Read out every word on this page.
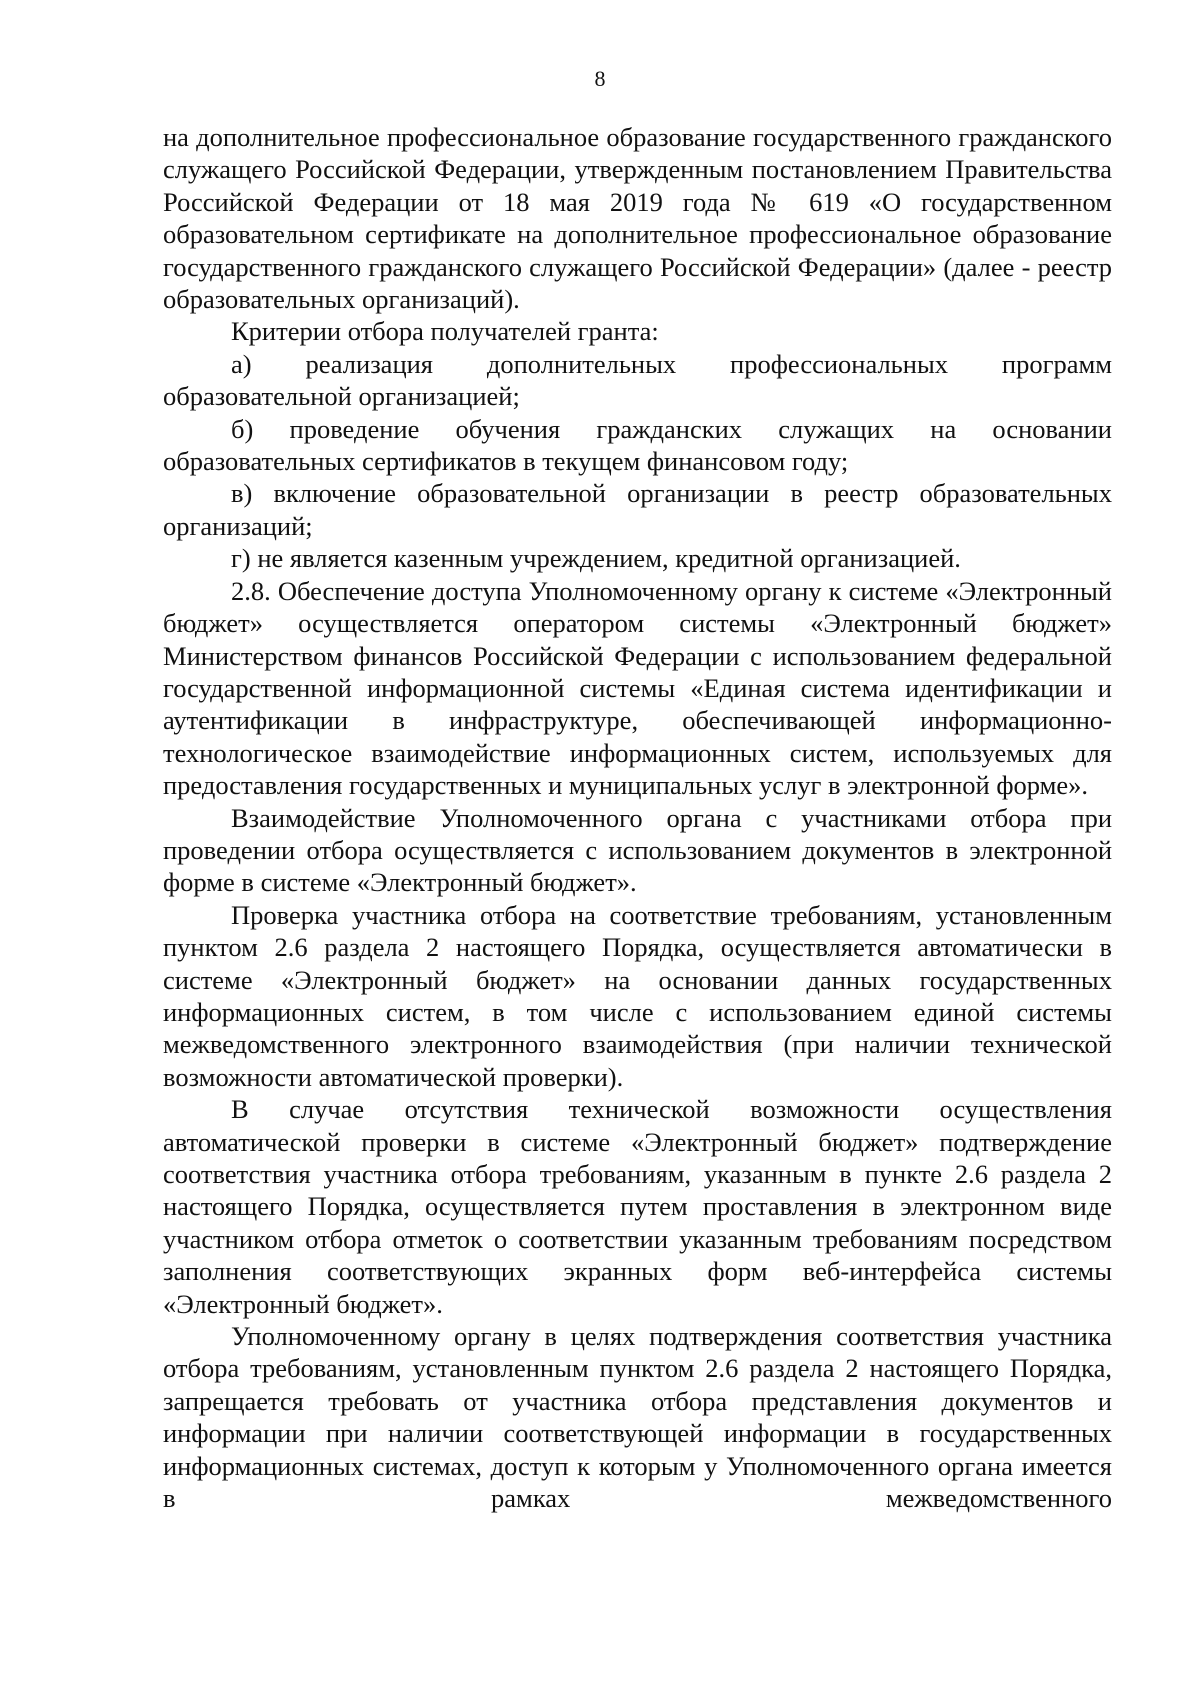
8

на дополнительное профессиональное образование государственного гражданского служащего Российской Федерации, утвержденным постановлением Правительства Российской Федерации от 18 мая 2019 года № 619 «О государственном образовательном сертификате на дополнительное профессиональное образование государственного гражданского служащего Российской Федерации» (далее - реестр образовательных организаций).

Критерии отбора получателей гранта:

а) реализация дополнительных профессиональных программ образовательной организацией;

б) проведение обучения гражданских служащих на основании образовательных сертификатов в текущем финансовом году;

в) включение образовательной организации в реестр образовательных организаций;

г) не является казенным учреждением, кредитной организацией.

2.8. Обеспечение доступа Уполномоченному органу к системе «Электронный бюджет» осуществляется оператором системы «Электронный бюджет» Министерством финансов Российской Федерации с использованием федеральной государственной информационной системы «Единая система идентификации и аутентификации в инфраструктуре, обеспечивающей информационно-технологическое взаимодействие информационных систем, используемых для предоставления государственных и муниципальных услуг в электронной форме».

Взаимодействие Уполномоченного органа с участниками отбора при проведении отбора осуществляется с использованием документов в электронной форме в системе «Электронный бюджет».

Проверка участника отбора на соответствие требованиям, установленным пунктом 2.6 раздела 2 настоящего Порядка, осуществляется автоматически в системе «Электронный бюджет» на основании данных государственных информационных систем, в том числе с использованием единой системы межведомственного электронного взаимодействия (при наличии технической возможности автоматической проверки).

В случае отсутствия технической возможности осуществления автоматической проверки в системе «Электронный бюджет» подтверждение соответствия участника отбора требованиям, указанным в пункте 2.6 раздела 2 настоящего Порядка, осуществляется путем проставления в электронном виде участником отбора отметок о соответствии указанным требованиям посредством заполнения соответствующих экранных форм веб-интерфейса системы «Электронный бюджет».

Уполномоченному органу в целях подтверждения соответствия участника отбора требованиям, установленным пунктом 2.6 раздела 2 настоящего Порядка, запрещается требовать от участника отбора представления документов и информации при наличии соответствующей информации в государственных информационных системах, доступ к которым у Уполномоченного органа имеется в рамках межведомственного
